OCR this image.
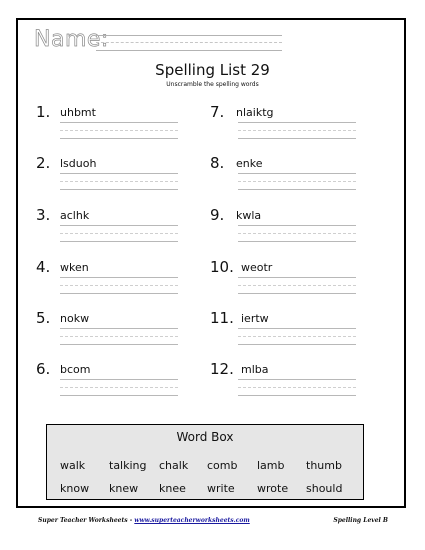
Name:
Spelling List 29
Unscramble the spelling words
1. uhbmt
2. lsduoh
3. aclhk
4. wken
5. nokw
6. bcom
7. nlaiktg
8. enke
9. kwla
10. weotr
11. iertw
12. mlba
Word Box
walk talking chalk comb lamb thumb
know knew knee write wrote should
Super Teacher Worksheets - www.superteacherworksheets.com	Spelling Level B
